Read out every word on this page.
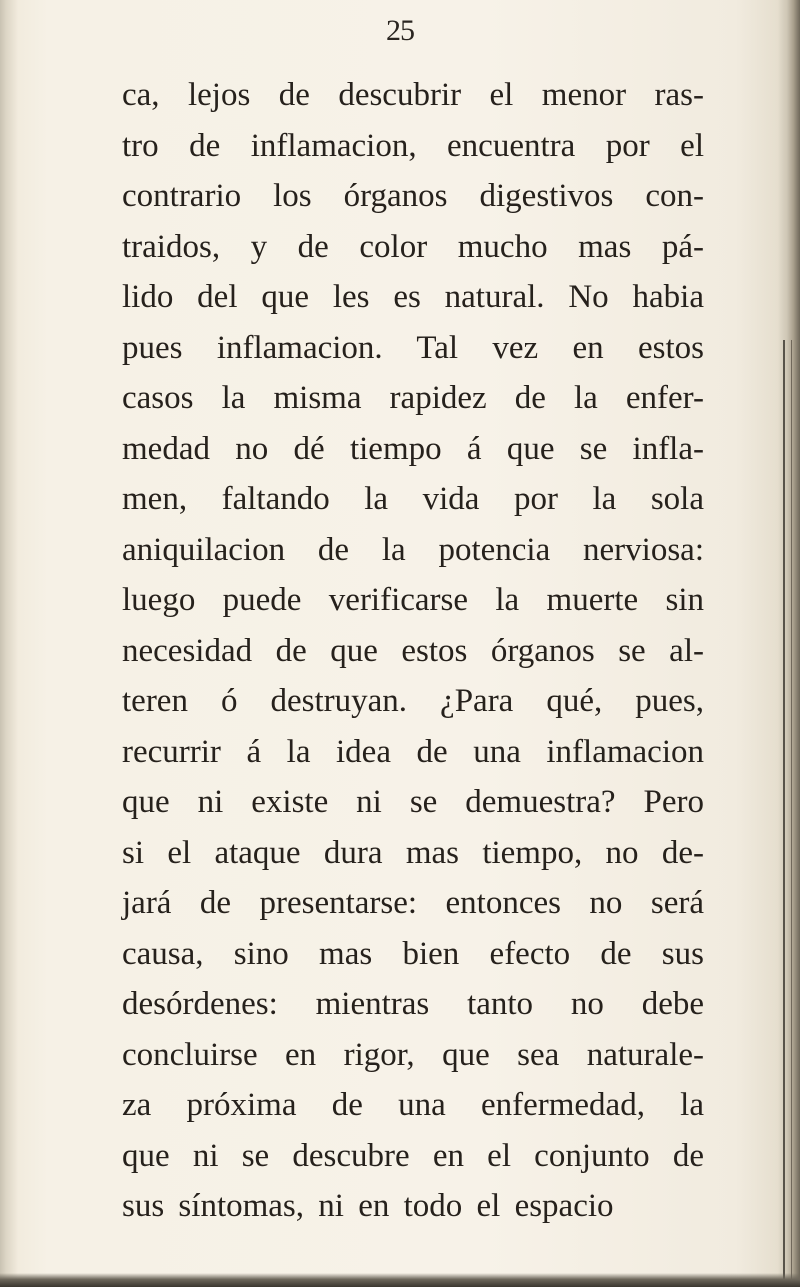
25
ca, lejos de descubrir el menor ras-
tro de inflamacion, encuentra por el
contrario los órganos digestivos con-
traidos, y de color mucho mas pá-
lido del que les es natural. No habia
pues inflamacion. Tal vez en estos
casos la misma rapidez de la enfer-
medad no dé tiempo á que se infla-
men, faltando la vida por la sola
aniquilacion de la potencia nerviosa:
luego puede verificarse la muerte sin
necesidad de que estos órganos se al-
teren ó destruyan. ¿Para qué, pues,
recurrir á la idea de una inflamacion
que ni existe ni se demuestra? Pero
si el ataque dura mas tiempo, no de-
jará de presentarse: entonces no será
causa, sino mas bien efecto de sus
desórdenes: mientras tanto no debe
concluirse en rigor, que sea naturale-
za próxima de una enfermedad, la
que ni se descubre en el conjunto de
sus síntomas, ni en todo el espacio
